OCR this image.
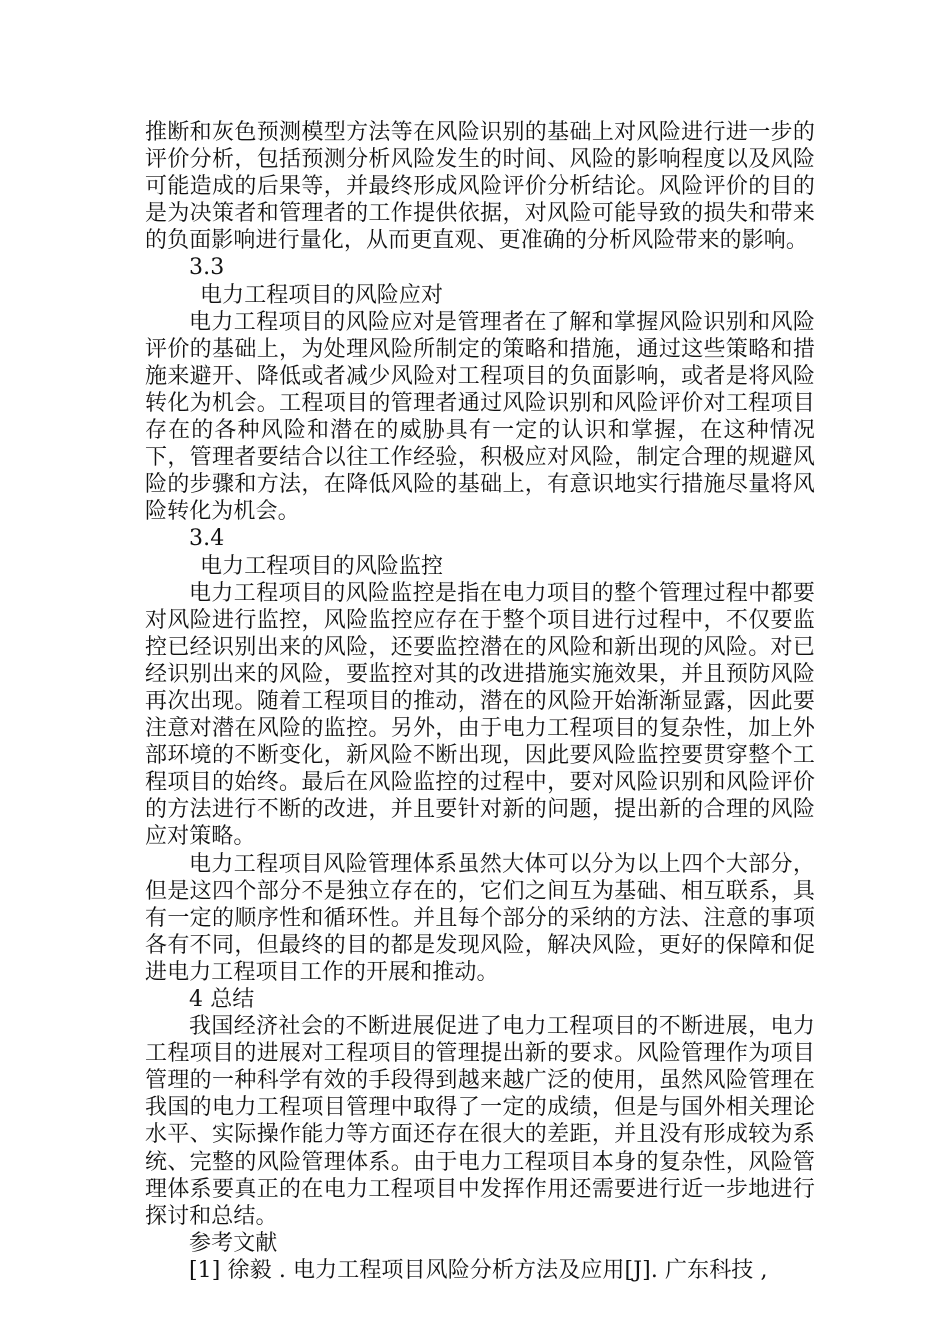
推断和灰色预测模型方法等在风险识别的基础上对风险进行进一步的评价分析，包括预测分析风险发生的时间、风险的影响程度以及风险可能造成的后果等，并最终形成风险评价分析结论。风险评价的目的是为决策者和管理者的工作提供依据，对风险可能导致的损失和带来的负面影响进行量化，从而更直观、更准确的分析风险带来的影响。

3.3

电力工程项目的风险应对

电力工程项目的风险应对是管理者在了解和掌握风险识别和风险评价的基础上，为处理风险所制定的策略和措施，通过这些策略和措施来避开、降低或者减少风险对工程项目的负面影响，或者是将风险转化为机会。工程项目的管理者通过风险识别和风险评价对工程项目存在的各种风险和潜在的威胁具有一定的认识和掌握，在这种情况下，管理者要结合以往工作经验，积极应对风险，制定合理的规避风险的步骤和方法，在降低风险的基础上，有意识地实行措施尽量将风险转化为机会。

3.4

电力工程项目的风险监控

电力工程项目的风险监控是指在电力项目的整个管理过程中都要对风险进行监控，风险监控应存在于整个项目进行过程中，不仅要监控已经识别出来的风险，还要监控潜在的风险和新出现的风险。对已经识别出来的风险，要监控对其的改进措施实施效果，并且预防风险再次出现。随着工程项目的推动，潜在的风险开始渐渐显露，因此要注意对潜在风险的监控。另外，由于电力工程项目的复杂性，加上外部环境的不断变化，新风险不断出现，因此要风险监控要贯穿整个工程项目的始终。最后在风险监控的过程中，要对风险识别和风险评价的方法进行不断的改进，并且要针对新的问题，提出新的合理的风险应对策略。

电力工程项目风险管理体系虽然大体可以分为以上四个大部分，但是这四个部分不是独立存在的，它们之间互为基础、相互联系，具有一定的顺序性和循环性。并且每个部分的采纳的方法、注意的事项各有不同，但最终的目的都是发现风险，解决风险，更好的保障和促进电力工程项目工作的开展和推动。

4 总结

我国经济社会的不断进展促进了电力工程项目的不断进展，电力工程项目的进展对工程项目的管理提出新的要求。风险管理作为项目管理的一种科学有效的手段得到越来越广泛的使用，虽然风险管理在我国的电力工程项目管理中取得了一定的成绩，但是与国外相关理论水平、实际操作能力等方面还存在很大的差距，并且没有形成较为系统、完整的风险管理体系。由于电力工程项目本身的复杂性，风险管理体系要真正的在电力工程项目中发挥作用还需要进行近一步地进行探讨和总结。

参考文献

[1] 徐毅 . 电力工程项目风险分析方法及应用[J]. 广东科技 ,
